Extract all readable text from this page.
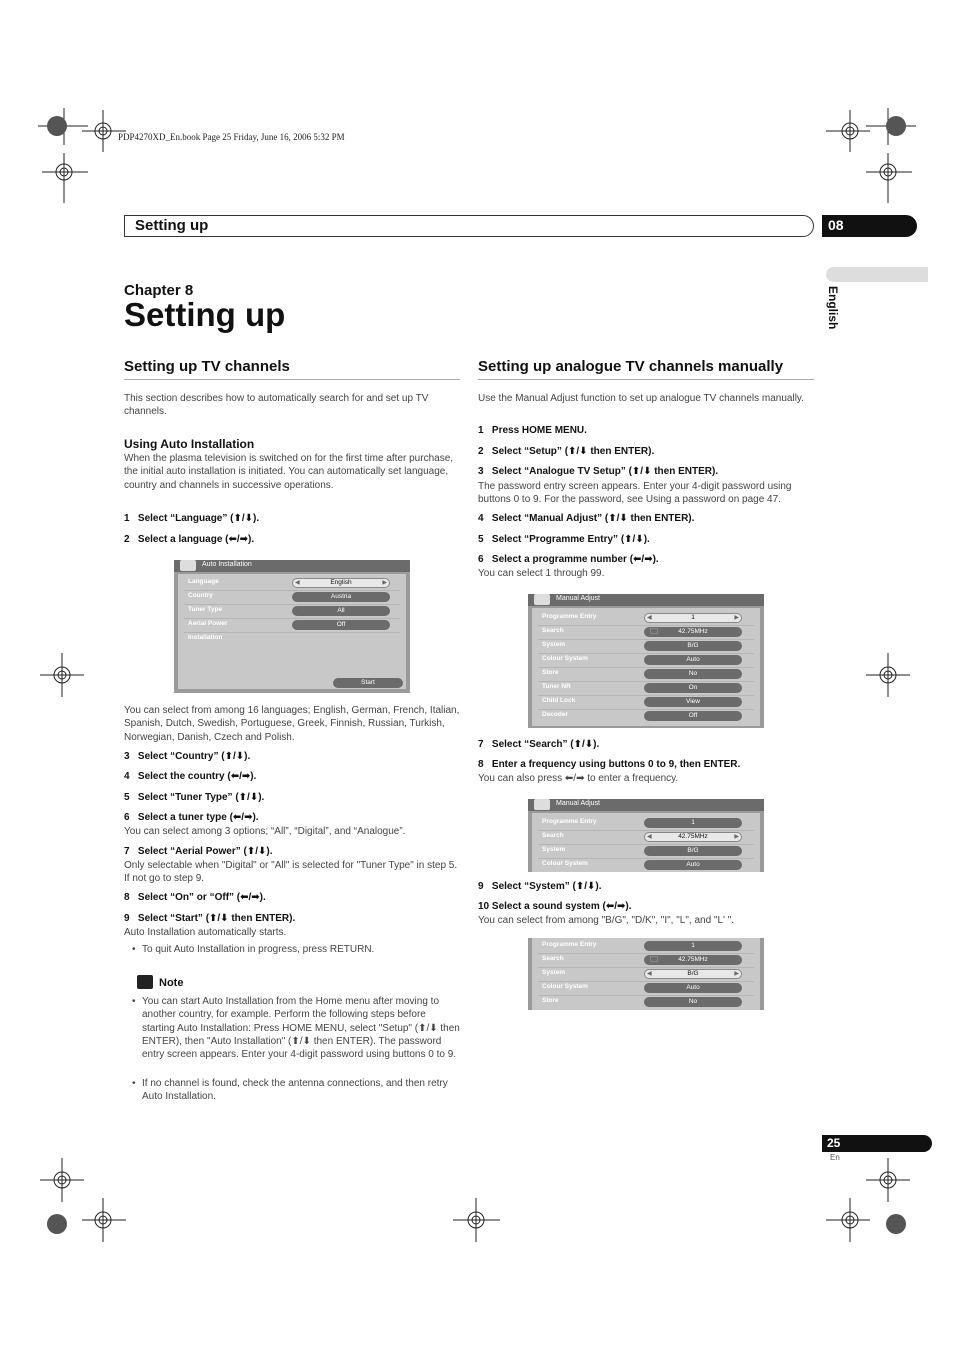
PDP4270XD_En.book Page 25 Friday, June 16, 2006 5:32 PM
Setting up	08
English
Chapter 8
Setting up
Setting up TV channels
This section describes how to automatically search for and set up TV channels.
Using Auto Installation
When the plasma television is switched on for the first time after purchase, the initial auto installation is initiated. You can automatically set language, country and channels in successive operations.
1   Select “Language” (⬆/⬇).
2   Select a language (⬅/➡).
Auto Installation
Language	◀ English ▶
Country	Austria
Tuner Type	All
Aerial Power	Off
Installation
Start
You can select from among 16 languages; English, German, French, Italian, Spanish, Dutch, Swedish, Portuguese, Greek, Finnish, Russian, Turkish, Norwegian, Danish, Czech and Polish.
3   Select “Country” (⬆/⬇).
4   Select the country (⬅/➡).
5   Select “Tuner Type” (⬆/⬇).
6   Select a tuner type (⬅/➡).
You can select among 3 options; “All”, “Digital”, and “Analogue”.
7   Select “Aerial Power” (⬆/⬇).
Only selectable when "Digital" or "All" is selected for "Tuner Type" in step 5. If not go to step 9.
8   Select “On” or “Off” (⬅/➡).
9   Select “Start” (⬆/⬇ then ENTER).
Auto Installation automatically starts.
• To quit Auto Installation in progress, press RETURN.
Note
• You can start Auto Installation from the Home menu after moving to another country, for example. Perform the following steps before starting Auto Installation: Press HOME MENU, select "Setup" (⬆/⬇ then ENTER), then "Auto Installation" (⬆/⬇ then ENTER). The password entry screen appears. Enter your 4-digit password using buttons 0 to 9.
• If no channel is found, check the antenna connections, and then retry Auto Installation.
Setting up analogue TV channels manually
Use the Manual Adjust function to set up analogue TV channels manually.
1   Press HOME MENU.
2   Select “Setup” (⬆/⬇ then ENTER).
3   Select “Analogue TV Setup” (⬆/⬇ then ENTER).
The password entry screen appears. Enter your 4-digit password using buttons 0 to 9. For the password, see Using a password on page 47.
4   Select “Manual Adjust” (⬆/⬇ then ENTER).
5   Select “Programme Entry” (⬆/⬇).
6   Select a programme number (⬅/➡).
You can select 1 through 99.
Manual Adjust
Programme Entry	◀ 1 ▶
Search	42.75MHz
System	B/G
Colour System	Auto
Store	No
Tuner NR	On
Child Lock	View
Decoder	Off
7   Select “Search” (⬆/⬇).
8   Enter a frequency using buttons 0 to 9, then ENTER.
You can also press ⬅/➡ to enter a frequency.
Manual Adjust
Programme Entry	1
Search	◀ 42.75MHz ▶
System	B/G
Colour System	Auto
9   Select “System” (⬆/⬇).
10 Select a sound system (⬅/➡).
You can select from among "B/G", "D/K", "I", "L", and "L' ".
Programme Entry	1
Search	42.75MHz
System	◀ B/G ▶
Colour System	Auto
Store	No
25
En
